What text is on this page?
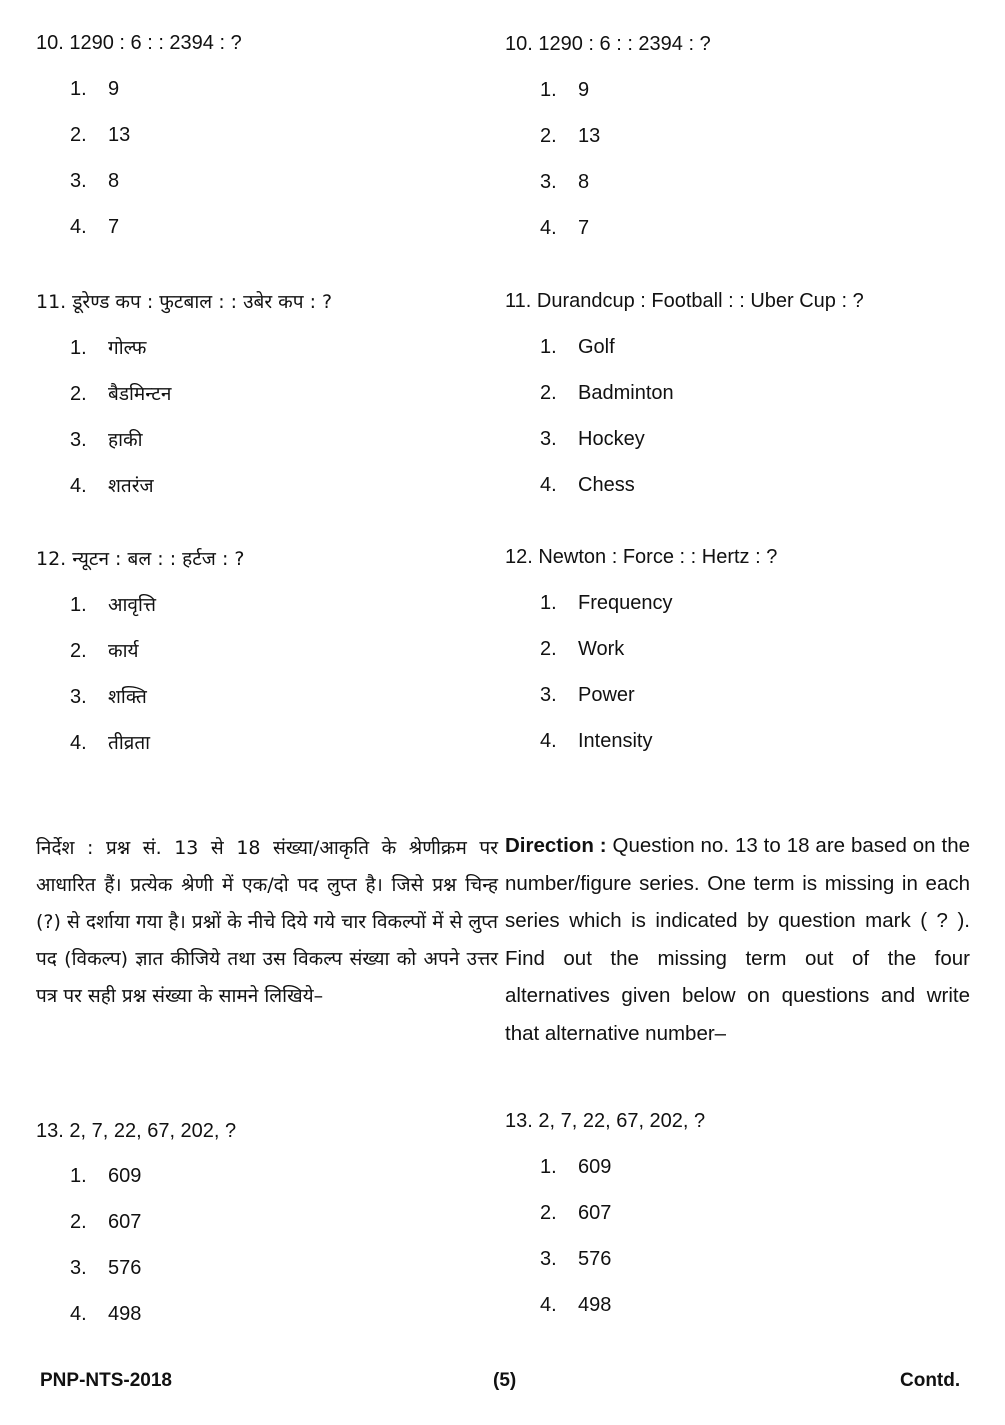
10. 1290 : 6 : : 2394 : ?
1. 9
2. 13
3. 8
4. 7
11. डूरेण्ड कप : फुटबाल : : उबेर कप : ?
1. गोल्फ
2. बैडमिन्टन
3. हाकी
4. शतरंज
12. न्यूटन : बल : : हर्टज : ?
1. आवृत्ति
2. कार्य
3. शक्ति
4. तीव्रता
निर्देश : प्रश्न सं. 13 से 18 संख्या/आकृति के श्रेणीक्रम पर आधारित हैं। प्रत्येक श्रेणी में एक/दो पद लुप्त है। जिसे प्रश्न चिन्ह (?) से दर्शाया गया है। प्रश्नों के नीचे दिये गये चार विकल्पों में से लुप्त पद (विकल्प) ज्ञात कीजिये तथा उस विकल्प संख्या को अपने उत्तर पत्र पर सही प्रश्न संख्या के सामने लिखिये–
13. 2, 7, 22, 67, 202, ?
1. 609
2. 607
3. 576
4. 498
10. 1290 : 6 : : 2394 : ?
1. 9
2. 13
3. 8
4. 7
11. Durandcup : Football : : Uber Cup : ?
1. Golf
2. Badminton
3. Hockey
4. Chess
12. Newton : Force : : Hertz : ?
1. Frequency
2. Work
3. Power
4. Intensity
Direction : Question no. 13 to 18 are based on the number/figure series. One term is missing in each series which is indicated by question mark ( ? ). Find out the missing term out of the four alternatives given below on questions and write that alternative number–
13. 2, 7, 22, 67, 202, ?
1. 609
2. 607
3. 576
4. 498
PNP-NTS-2018	(5)	Contd.
